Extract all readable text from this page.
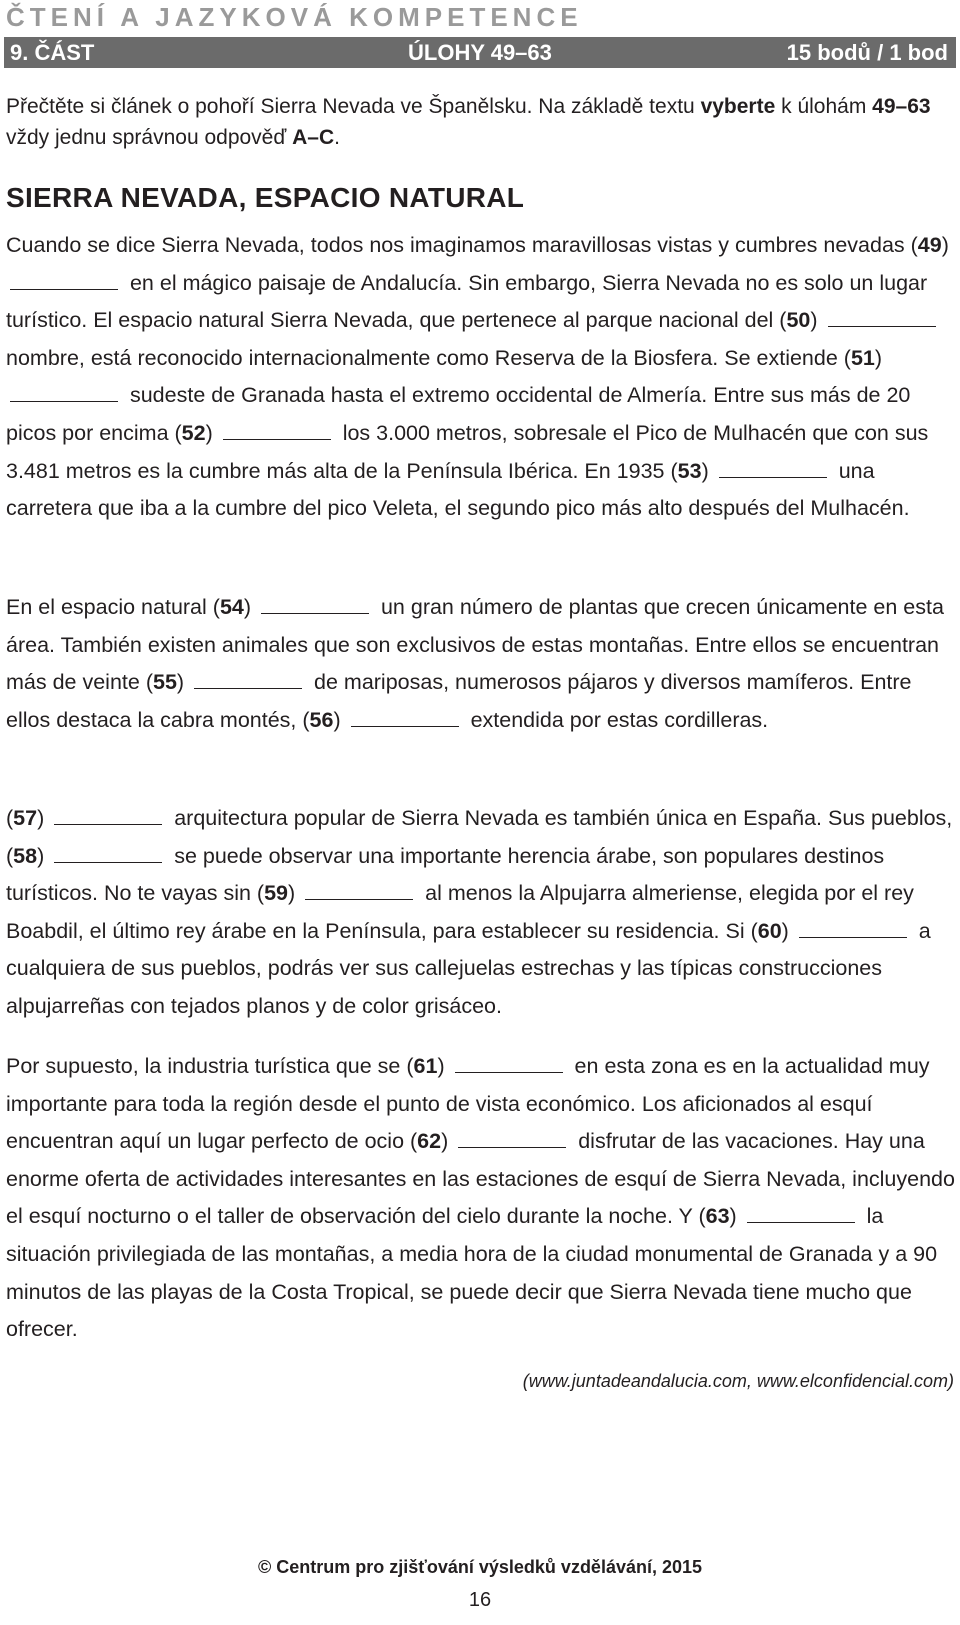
ČTENÍ A JAZYKOVÁ KOMPETENCE
9. ČÁST	ÚLOHY 49–63	15 bodů / 1 bod
Přečtěte si článek o pohoří Sierra Nevada ve Španělsku. Na základě textu vyberte k úlohám 49–63 vždy jednu správnou odpověď A–C.
SIERRA NEVADA, ESPACIO NATURAL

Cuando se dice Sierra Nevada, todos nos imaginamos maravillosas vistas y cumbres nevadas (49)  en el mágico paisaje de Andalucía. Sin embargo, Sierra Nevada no es solo un lugar turístico. El espacio natural Sierra Nevada, que pertenece al parque nacional del (50)  nombre, está reconocido internacionalmente como Reserva de la Biosfera. Se extiende (51)  sudeste de Granada hasta el extremo occidental de Almería. Entre sus más de 20 picos por encima (52)	los 3.000 metros, sobresale el Pico de Mulhacén que con sus 3.481 metros es la cumbre más alta de la Península Ibérica. En 1935 (53)	una carretera que iba a la cumbre del pico Veleta, el segundo pico más alto después del Mulhacén.

En el espacio natural (54)	un gran número de plantas que crecen únicamente en esta área. También existen animales que son exclusivos de estas montañas. Entre ellos se encuentran más de veinte (55)	de mariposas, numerosos pájaros y diversos mamíferos. Entre ellos destaca la cabra montés, (56)	extendida por estas cordilleras.

(57)	arquitectura popular de Sierra Nevada es también única en España. Sus pueblos, (58)	se puede observar una importante herencia árabe, son populares destinos turísticos. No te vayas sin (59)	al menos la Alpujarra almeriense, elegida por el rey Boabdil, el último rey árabe en la Península, para establecer su residencia. Si (60)	a cualquiera de sus pueblos, podrás ver sus callejuelas estrechas y las típicas construcciones alpujarreñas con tejados planos y de color grisáceo.

Por supuesto, la industria turística que se (61)	en esta zona es en la actualidad muy importante para toda la región desde el punto de vista económico. Los aficionados al esquí encuentran aquí un lugar perfecto de ocio (62)	disfrutar de las vacaciones. Hay una enorme oferta de actividades interesantes en las estaciones de esquí de Sierra Nevada, incluyendo el esquí nocturno o el taller de observación del cielo durante la noche. Y (63)	la situación privilegiada de las montañas, a media hora de la ciudad monumental de Granada y a 90 minutos de las playas de la Costa Tropical, se puede decir que Sierra Nevada tiene mucho que ofrecer.

(www.juntadeandalucia.com, www.elconfidencial.com)
© Centrum pro zjišťování výsledků vzdělávání, 2015
16
